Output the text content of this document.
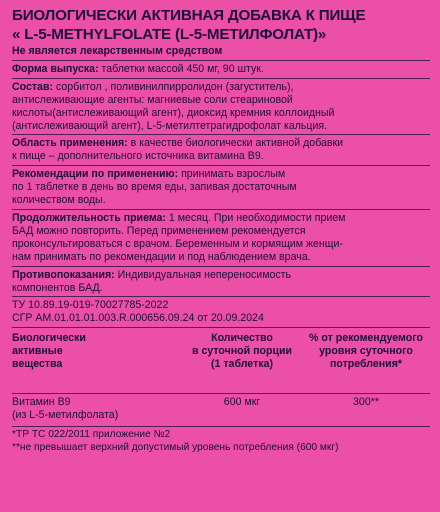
БИОЛОГИЧЕСКИ АКТИВНАЯ ДОБАВКА К ПИЩЕ
« L-5-METHYLFOLATE (L-5-МЕТИЛФОЛАТ)»

Не является лекарственным средством

Форма выпуска: таблетки массой 450 мг, 90 штук.

Состав: сорбитол , поливинилпирролидон (загуститель),

антислеживающие агенты: магниевые соли стеариновой

кислоты(антислеживающий агент), диоксид кремния коллоидный

(антислеживающий агент), L-5-метилтетрагидрофолат кальция.

Область применения: в качестве биологически активной добавки

к пище – дополнительного источника витамина В9.

Рекомендации по применению: принимать взрослым

по 1 таблетке в день во время еды, запивая достаточным

количеством воды.

Продолжительность приема: 1 месяц. При необходимости прием

БАД можно повторить. Перед применением рекомендуется

проконсультироваться с врачом. Беременным и кормящим женщи-

нам принимать по рекомендации и под наблюдением врача.

Противопоказания: Индивидуальная непереносимость

компонентов БАД.

ТУ 10.89.19-019-70027785-2022

СГР АМ.01.01.01.003.R.000656.09.24 от 20.09.2024

Биологически
активные
вещества
Количество
в суточной порции
(1 таблетка)
% от рекомендуемого
уровня суточного
потребления*
Витамин В9
(из L-5-метилфолата)
600 мкг	300**

*ТР ТС 022/2011 приложение №2

**не превышает верхний допустимый уровень потребления (600 мкг)
